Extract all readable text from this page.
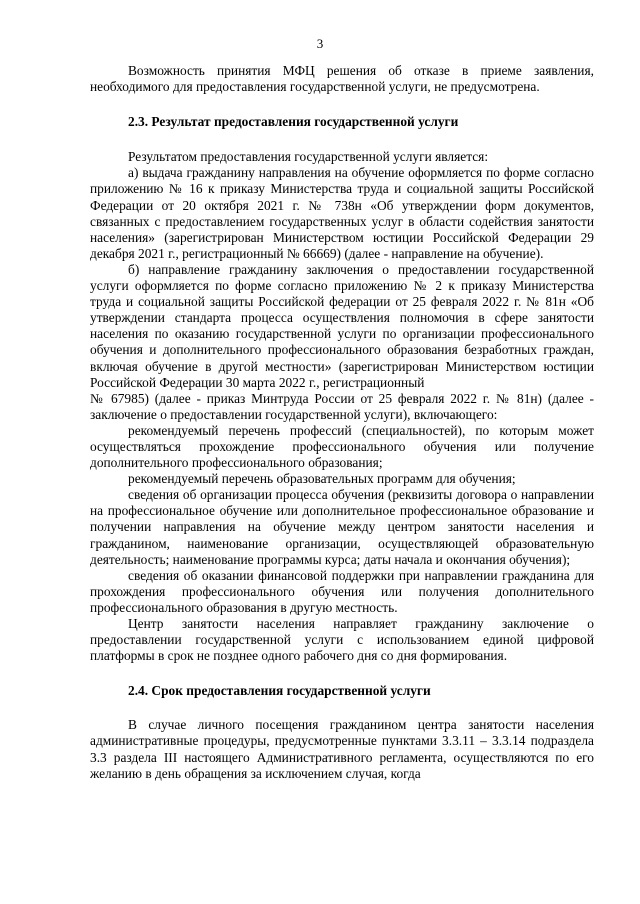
3

Возможность принятия МФЦ решения об отказе в приеме заявления, необходимого для предоставления государственной услуги, не предусмотрена.

2.3. Результат предоставления государственной услуги

Результатом предоставления государственной услуги является:

а) выдача гражданину направления на обучение оформляется по форме согласно приложению № 16 к приказу Министерства труда и социальной защиты Российской Федерации от 20 октября 2021 г. № 738н «Об утверждении форм документов, связанных с предоставлением государственных услуг в области содействия занятости населения» (зарегистрирован Министерством юстиции Российской Федерации 29 декабря 2021 г., регистрационный № 66669) (далее - направление на обучение).

б) направление гражданину заключения о предоставлении государственной услуги оформляется по форме согласно приложению № 2 к приказу Министерства труда и социальной защиты Российской федерации от 25 февраля 2022 г. № 81н «Об утверждении стандарта процесса осуществления полномочия в сфере занятости населения по оказанию государственной услуги по организации профессионального обучения и дополнительного профессионального образования безработных граждан, включая обучение в другой местности» (зарегистрирован Министерством юстиции Российской Федерации 30 марта 2022 г., регистрационный

№ 67985) (далее - приказ Минтруда России от 25 февраля 2022 г. № 81н) (далее - заключение о предоставлении государственной услуги), включающего:

рекомендуемый перечень профессий (специальностей), по которым может осуществляться прохождение профессионального обучения или получение дополнительного профессионального образования;

рекомендуемый перечень образовательных программ для обучения;

сведения об организации процесса обучения (реквизиты договора о направлении на профессиональное обучение или дополнительное профессиональное образование и получении направления на обучение между центром занятости населения и гражданином, наименование организации, осуществляющей образовательную деятельность; наименование программы курса; даты начала и окончания обучения);

сведения об оказании финансовой поддержки при направлении гражданина для прохождения профессионального обучения или получения дополнительного профессионального образования в другую местность.

Центр занятости населения направляет гражданину заключение о предоставлении государственной услуги с использованием единой цифровой платформы в срок не позднее одного рабочего дня со дня формирования.

2.4. Срок предоставления государственной услуги

В случае личного посещения гражданином центра занятости населения административные процедуры, предусмотренные пунктами 3.3.11 – 3.3.14 подраздела 3.3 раздела III настоящего Административного регламента, осуществляются по его желанию в день обращения за исключением случая, когда
